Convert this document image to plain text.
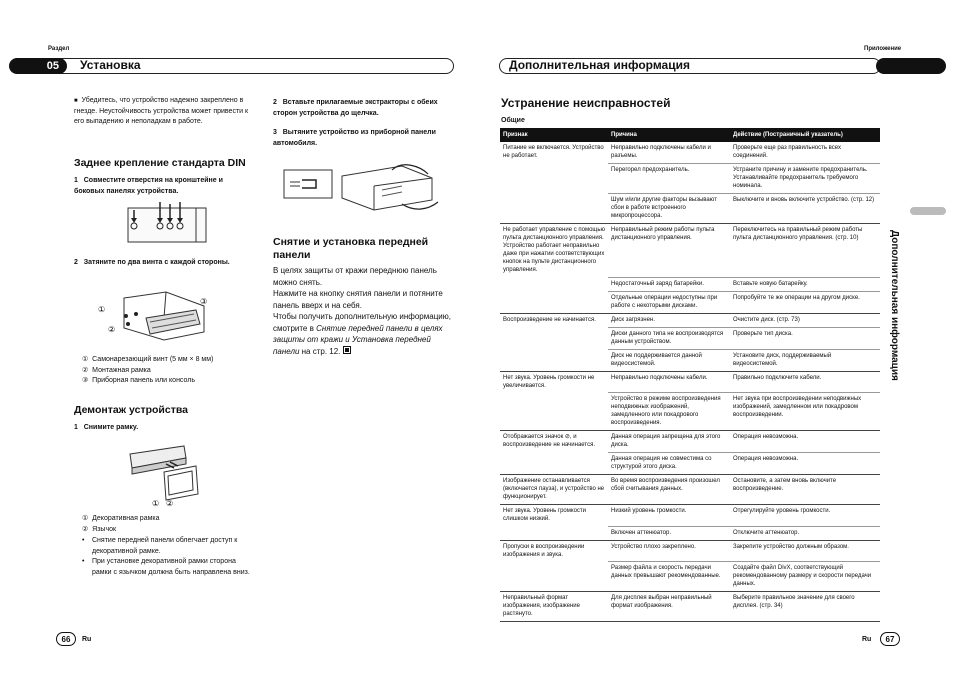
Раздел
05	Установка
■ Убедитесь, что устройство надежно закреплено в гнезде. Неустойчивость устройства может привести к его выпадению и неполадкам в работе.
Заднее крепление стандарта DIN
1 Совместите отверстия на кронштейне и боковых панелях устройства.
2 Затяните по два винта с каждой стороны.
①
②
③
① Самонарезающий винт (5 мм × 8 мм)
② Монтажная рамка
③ Приборная панель или консоль
Демонтаж устройства
1 Снимите рамку.
① ②
① Декоративная рамка
② Язычок
•	Снятие передней панели облегчает доступ к декоративной рамке.
•	При установке декоративной рамки сторона рамки с язычком должна быть направлена вниз.
2 Вставьте прилагаемые экстракторы с обеих сторон устройства до щелчка.
3 Вытяните устройство из приборной панели автомобиля.
Снятие и установка передней панели

В целях защиты от кражи переднюю панель можно снять.

Нажмите на кнопку снятия панели и потяните панель вверх и на себя.

Чтобы получить дополнительную информацию, смотрите в Снятие передней панели в целях защиты от кражи и Установка передней панели на стр. 12.

66	Ru
Приложение
Дополнительная информация
Устранение неисправностей
Общие
Признак	Причина	Действие (Постраничный указатель)
Питание не включается. Устройство не работает.	Неправильно подключены кабели и разъемы.	Проверьте еще раз правильность всех соединений.
	Перегорел предохранитель.	Устраните причину и замените предохранитель. Устанавливайте предохранитель требуемого номинала.
	Шум и/или другие факторы вызывают сбои в работе встроенного микропроцессора.	Выключите и вновь включите устройство. (стр. 12)
Не работает управление с помощью пульта дистанционного управления. Устройство работает неправильно даже при нажатии соответствующих кнопок на пульте дистанционного управления.	Неправильный режим работы пульта дистанционного управления.	Переключитесь на правильный режим работы пульта дистанционного управления. (стр. 10)
	Недостаточный заряд батарейки.	Вставьте новую батарейку.
	Отдельные операции недоступны при работе с некоторыми дисками.	Попробуйте те же операции на другом диске.
Воспроизведение не начинается.	Диск загрязнен.	Очистите диск. (стр. 73)
	Диски данного типа не воспроизводятся данным устройством.	Проверьте тип диска.
	Диск не поддерживается данной видеосистемой.	Установите диск, поддерживаемый видеосистемой.
Нет звука. Уровень громкости не увеличивается.	Неправильно подключены кабели.	Правильно подключите кабели.
	Устройство в режиме воспроизведения неподвижных изображений, замедленного или покадрового воспроизведения.	Нет звука при воспроизведении неподвижных изображений, замедленном или покадровом воспроизведении.
Отображается значок ⊘, и воспроизведение не начинается.	Данная операция запрещена для этого диска.	Операция невозможна.
	Данная операция не совместима со структурой этого диска.	Операция невозможна.
Изображение останавливается (включается пауза), и устройство не функционирует.	Во время воспроизведения произошел сбой считывания данных.	Остановите, а затем вновь включите воспроизведение.
Нет звука. Уровень громкости слишком низкий.	Низкий уровень громкости.	Отрегулируйте уровень громкости.
	Включен аттенюатор.	Отключите аттенюатор.
Пропуски в воспроизведении изображения и звука.	Устройство плохо закреплено.	Закрепите устройство должным образом.
	Размер файла и скорость передачи данных превышают рекомендованные.	Создайте файл DivX, соответствующий рекомендованному размеру и скорости передачи данных.
Неправильный формат изображения, изображение растянуто.	Для дисплея выбран неправильный формат изображения.	Выберите правильное значение для своего дисплея. (стр. 34)
Дополнительная информация
Ru	67
